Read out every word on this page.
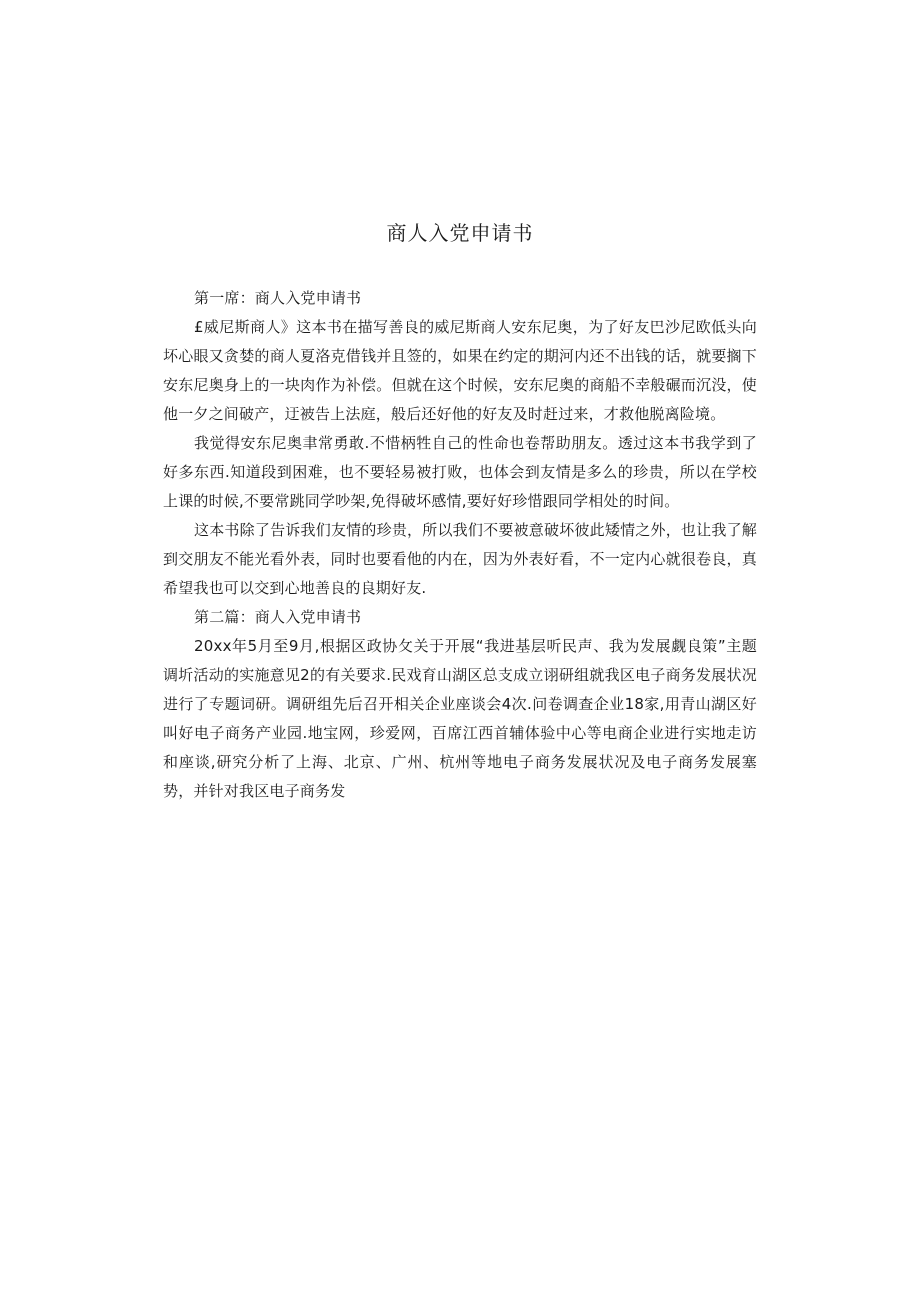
商人入党申请书
第一席：商人入党申请书

£威尼斯商人》这本书在描写善良的威尼斯商人安东尼奥，为了好友巴沙尼欧低头向坏心眼又贪婪的商人夏洛克借钱并且签的，如果在约定的期河内还不出钱的话，就要搁下安东尼奥身上的一块肉作为补偿。但就在这个时候，安东尼奥的商船不幸般碾而沉没，使他一夕之间破产，迂被告上法庭，般后还好他的好友及时赶过来，才救他脱离险境。

我觉得安东尼奥聿常勇敢.不惜柄牲自己的性命也卷帮助朋友。透过这本书我学到了好多东西.知道段到困难，也不要轻易被打败，也体会到友情是多么的珍贵，所以在学校上课的时候,不要常跳同学吵架,免得破坏感情,要好好珍惜跟同学相处的时间。

这本书除了告诉我们友情的珍贵，所以我们不要被意破坏彼此矮情之外，也让我了解到交朋友不能光看外表，同时也要看他的内在，因为外表好看，不一定内心就很卷良，真希望我也可以交到心地善良的良期好友.

第二篇：商人入党申请书

20xx年5月至9月,根据区政协攵关于开展“我进基层听民声、我为发展觑良策”主题调圻活动的实施意见2的有关要求.民戏育山湖区总支成立诩研组就我区电子商务发展状况进行了专题词研。调研组先后召开相关企业座谈会4次.问卷调查企业18家,用青山湖区好叫好电子商务产业园.地宝网，珍爱网，百席江西首辅体验中心等电商企业进行实地走访和座谈,研究分析了上海、北京、广州、杭州等地电子商务发展状况及电子商务发展塞势，并针对我区电子商务发
